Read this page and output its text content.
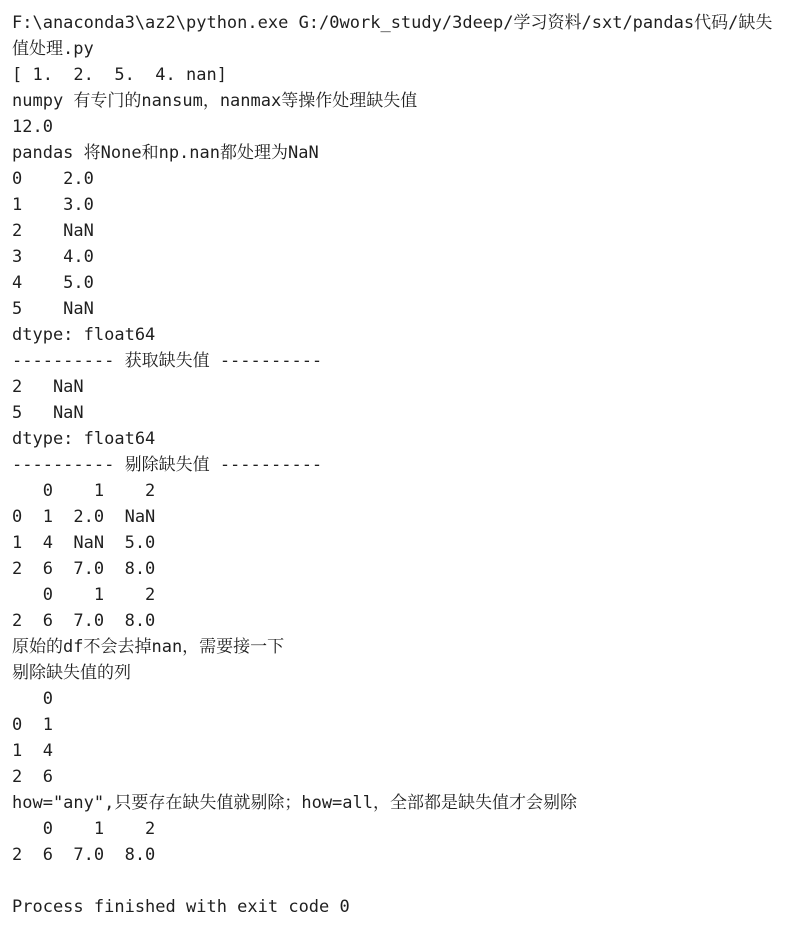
F:\anaconda3\az2\python.exe G:/0work_study/3deep/学习资料/sxt/pandas代码/缺失
值处理.py
[ 1.  2.  5.  4. nan]
numpy 有专门的nansum，nanmax等操作处理缺失值
12.0
pandas 将None和np.nan都处理为NaN
0    2.0
1    3.0
2    NaN
3    4.0
4    5.0
5    NaN
dtype: float64
---------- 获取缺失值 ----------
2   NaN
5   NaN
dtype: float64
---------- 剔除缺失值 ----------
0    1    2
0  1  2.0  NaN
1  4  NaN  5.0
2  6  7.0  8.0
0    1    2
2  6  7.0  8.0
原始的df不会去掉nan，需要接一下
剔除缺失值的列
0
0  1
1  4
2  6
how="any",只要存在缺失值就剔除；how=all，全部都是缺失值才会剔除
0    1    2
2  6  7.0  8.0
Process finished with exit code 0
